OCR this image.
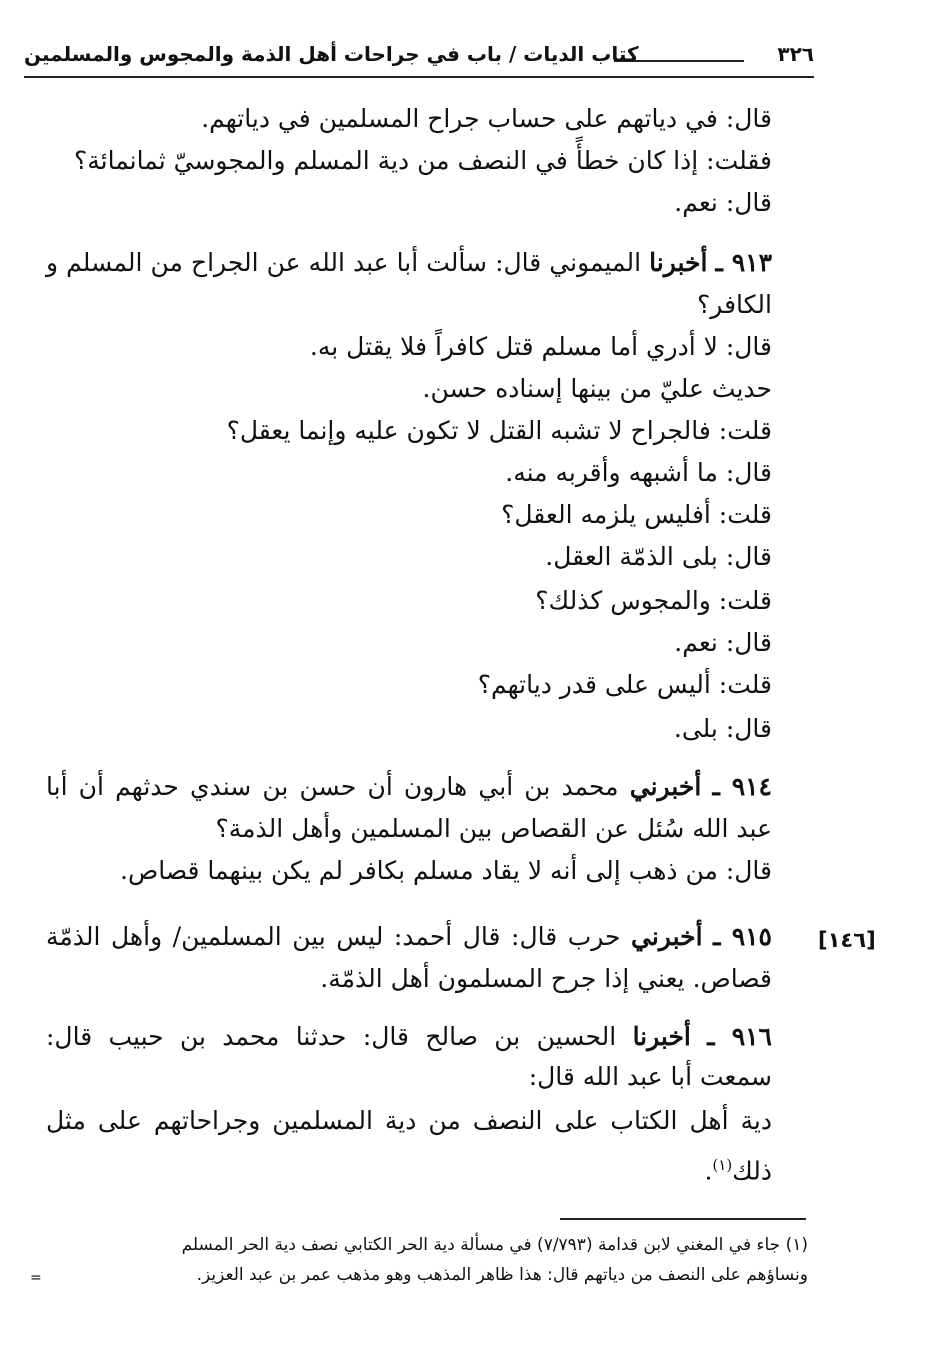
٣٢٦
كتاب الديات / باب في جراحات أهل الذمة والمجوس والمسلمين
قال: في دياتهم على حساب جراح المسلمين في دياتهم.
فقلت: إذا كان خطأً في النصف من دية المسلم والمجوسيّ ثمانمائة؟
قال: نعم.
٩١٣ ـ أخبرنا الميموني قال: سألت أبا عبد الله عن الجراح من المسلم و
الكافر؟
قال: لا أدري أما مسلم قتل كافراً فلا يقتل به.
حديث عليّ من بينها إسناده حسن.
قلت: فالجراح لا تشبه القتل لا تكون عليه وإنما يعقل؟
قال: ما أشبهه وأقربه منه.
قلت: أفليس يلزمه العقل؟
قال: بلى الذمّة العقل.
قلت: والمجوس كذلك؟
قال: نعم.
قلت: أليس على قدر دياتهم؟
قال: بلى.
٩١٤ ـ أخبرني محمد بن أبي هارون أن حسن بن سندي حدثهم أن أبا
عبد الله سُئل عن القصاص بين المسلمين وأهل الذمة؟
قال: من ذهب إلى أنه لا يقاد مسلم بكافر لم يكن بينهما قصاص.
[١٤٦]
٩١٥ ـ أخبرني حرب قال: قال أحمد: ليس بين المسلمين/ وأهل الذمّة
قصاص. يعني إذا جرح المسلمون أهل الذمّة.
٩١٦ ـ أخبرنا الحسين بن صالح قال: حدثنا محمد بن حبيب قال:
سمعت أبا عبد الله قال:
دية أهل الكتاب على النصف من دية المسلمين وجراحاتهم على مثل
ذلك$^{(١)}$.
(١) جاء في المغني لابن قدامة (٧/٧٩٣) في مسألة دية الحر الكتابي نصف دية الحر المسلم
ونساؤهم على النصف من دياتهم قال: هذا ظاهر المذهب وهو مذهب عمر بن عبد العزيز.
=
